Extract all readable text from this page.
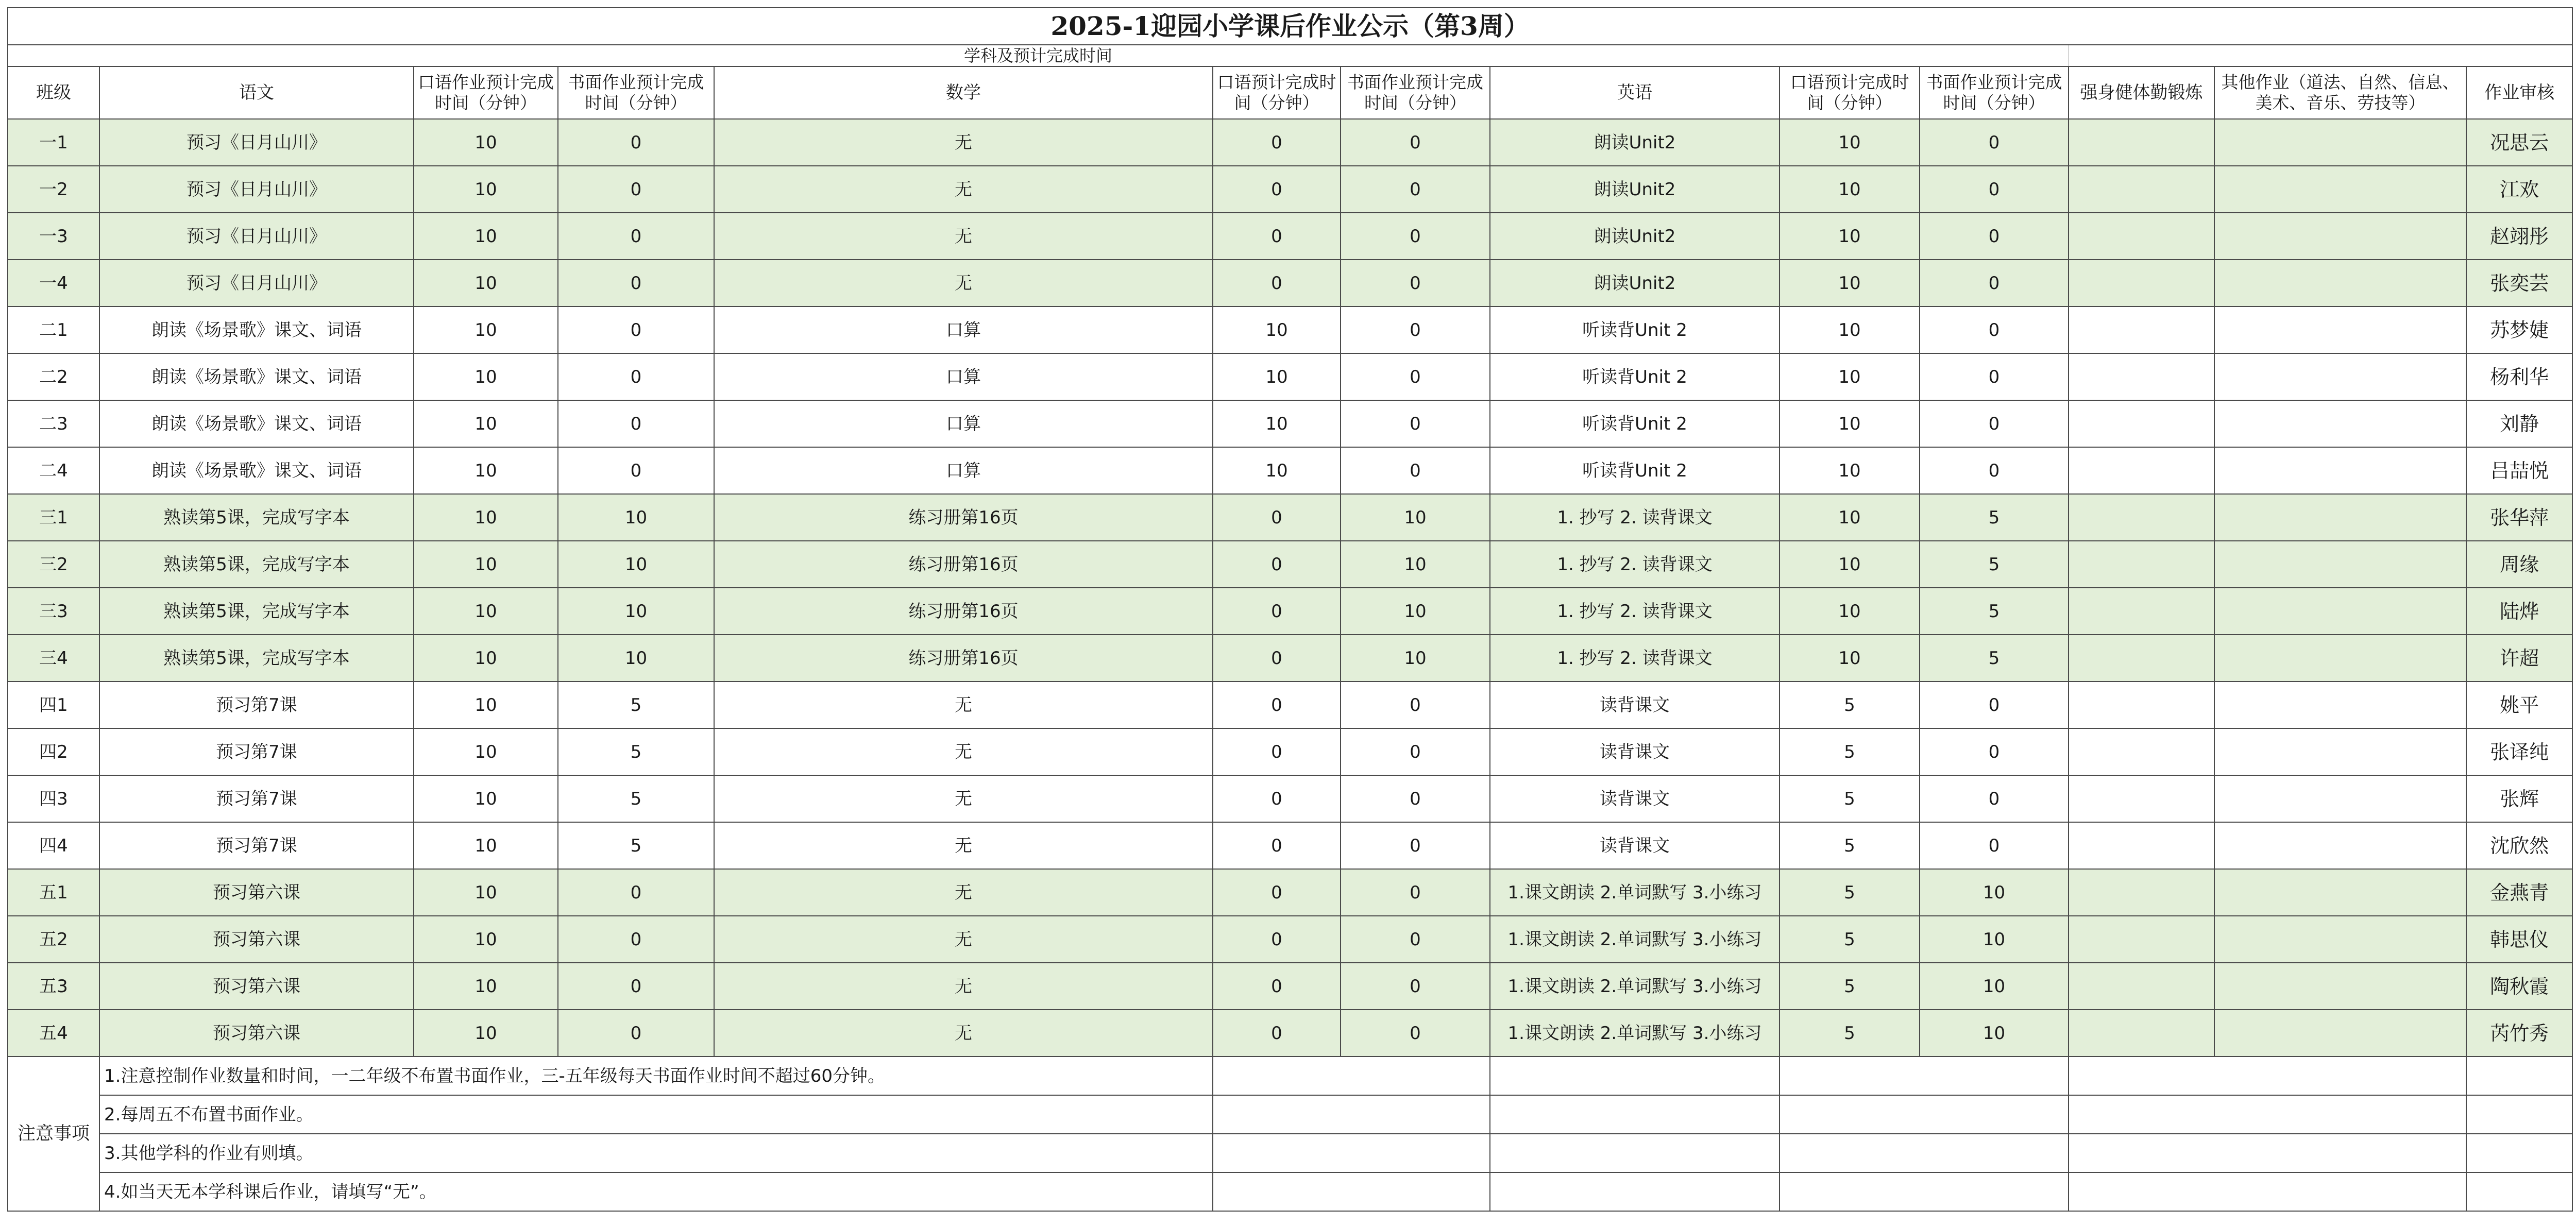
2025-1迎园小学课后作业公示（第3周）												
学科及预计完成时间												
班级	语文	口语作业预计完成时间（分钟）	书面作业预计完成时间（分钟）	数学	口语预计完成时间（分钟）	书面作业预计完成时间（分钟）	英语	口语预计完成时间（分钟）	书面作业预计完成时间（分钟）	强身健体勤锻炼	其他作业（道法、自然、信息、美术、音乐、劳技等）	作业审核
一1	预习《日月山川》	10	0	无	0	0	朗读Unit2	10	0			况思云
一2	预习《日月山川》	10	0	无	0	0	朗读Unit2	10	0			江欢
一3	预习《日月山川》	10	0	无	0	0	朗读Unit2	10	0			赵翊彤
一4	预习《日月山川》	10	0	无	0	0	朗读Unit2	10	0			张奕芸
二1	朗读《场景歌》课文、词语	10	0	口算	10	0	听读背Unit 2	10	0			苏梦婕
二2	朗读《场景歌》课文、词语	10	0	口算	10	0	听读背Unit 2	10	0			杨利华
二3	朗读《场景歌》课文、词语	10	0	口算	10	0	听读背Unit 2	10	0			刘静
二4	朗读《场景歌》课文、词语	10	0	口算	10	0	听读背Unit 2	10	0			吕喆悦
三1	熟读第5课，完成写字本	10	10	练习册第16页	0	10	1. 抄写 2. 读背课文	10	5			张华萍
三2	熟读第5课，完成写字本	10	10	练习册第16页	0	10	1. 抄写 2. 读背课文	10	5			周缘
三3	熟读第5课，完成写字本	10	10	练习册第16页	0	10	1. 抄写 2. 读背课文	10	5			陆烨
三4	熟读第5课，完成写字本	10	10	练习册第16页	0	10	1. 抄写 2. 读背课文	10	5			许超
四1	预习第7课	10	5	无	0	0	读背课文	5	0			姚平
四2	预习第7课	10	5	无	0	0	读背课文	5	0			张译纯
四3	预习第7课	10	5	无	0	0	读背课文	5	0			张辉
四4	预习第7课	10	5	无	0	0	读背课文	5	0			沈欣然
五1	预习第六课	10	0	无	0	0	1.课文朗读 2.单词默写 3.小练习	5	10			金燕青
五2	预习第六课	10	0	无	0	0	1.课文朗读 2.单词默写 3.小练习	5	10			韩思仪
五3	预习第六课	10	0	无	0	0	1.课文朗读 2.单词默写 3.小练习	5	10			陶秋霞
五4	预习第六课	10	0	无	0	0	1.课文朗读 2.单词默写 3.小练习	5	10			芮竹秀
注意事项	1.注意控制作业数量和时间，一二年级不布置书面作业，三-五年级每天书面作业时间不超过60分钟。											
	2.每周五不布置书面作业。											
	3.其他学科的作业有则填。											
	4.如当天无本学科课后作业，请填写“无”。											
